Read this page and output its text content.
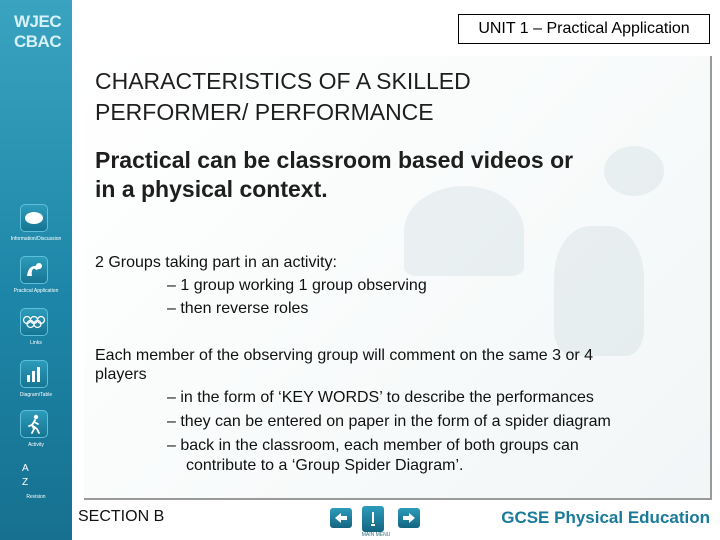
WJEC
CBAC
Information/Discussion
Practical Application
Links
Diagram/Table
Activity
A
Z
Revision
UNIT 1 – Practical Application
CHARACTERISTICS OF A SKILLED
PERFORMER/ PERFORMANCE
Practical can be classroom based videos or
in a physical context.
2 Groups taking part in an activity:
– 1 group working 1 group observing
– then reverse roles
Each member of the observing group will comment on the same 3 or 4
players
– in the form of ‘KEY WORDS’ to describe the performances
– they can be entered on paper in the form of a spider diagram
– back in the classroom, each member of both groups can
contribute to a ‘Group Spider Diagram’.
SECTION B
MAIN MENU
GCSE Physical Education
